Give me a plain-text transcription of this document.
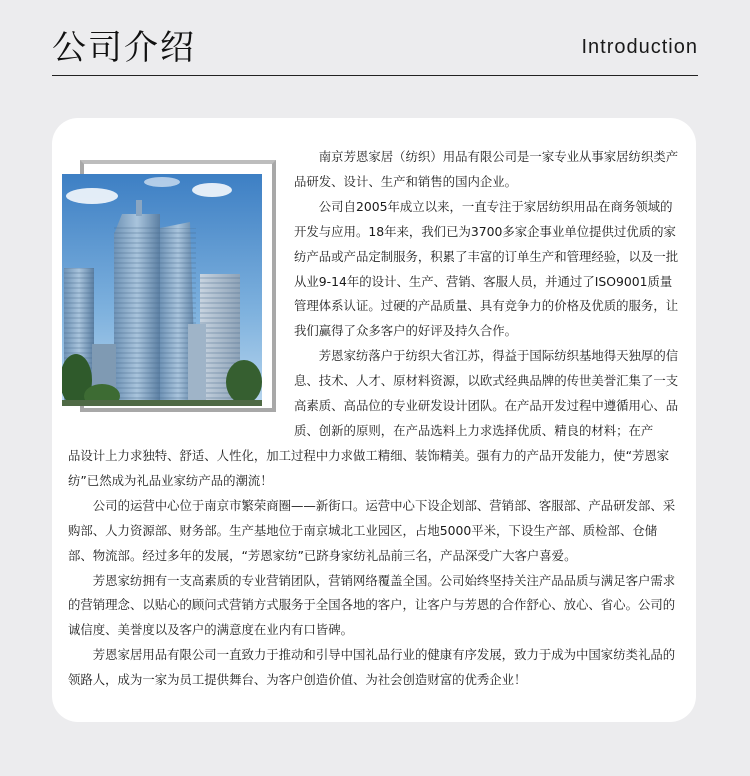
公司介绍	Introduction

南京芳恩家居（纺织）用品有限公司是一家专业从事家居纺织类产品研发、设计、生产和销售的国内企业。

公司自2005年成立以来，一直专注于家居纺织用品在商务领域的开发与应用。18年来，我们已为3700多家企事业单位提供过优质的家纺产品或产品定制服务，积累了丰富的订单生产和管理经验，以及一批从业9-14年的设计、生产、营销、客服人员，并通过了ISO9001质量管理体系认证。过硬的产品质量、具有竞争力的价格及优质的服务，让我们赢得了众多客户的好评及持久合作。

芳恩家纺落户于纺织大省江苏，得益于国际纺织基地得天独厚的信息、技术、人才、原材料资源，以欧式经典品牌的传世美誉汇集了一支高素质、高品位的专业研发设计团队。在产品开发过程中遵循用心、品质、创新的原则，在产品选料上力求选择优质、精良的材料；在产

品设计上力求独特、舒适、人性化，加工过程中力求做工精细、装饰精美。强有力的产品开发能力，使“芳恩家纺”已然成为礼品业家纺产品的潮流！

公司的运营中心位于南京市繁荣商圈——新街口。运营中心下设企划部、营销部、客服部、产品研发部、采购部、人力资源部、财务部。生产基地位于南京城北工业园区，占地5000平米，下设生产部、质检部、仓储部、物流部。经过多年的发展，“芳恩家纺”已跻身家纺礼品前三名，产品深受广大客户喜爱。

芳恩家纺拥有一支高素质的专业营销团队，营销网络覆盖全国。公司始终坚持关注产品品质与满足客户需求的营销理念、以贴心的顾问式营销方式服务于全国各地的客户，让客户与芳恩的合作舒心、放心、省心。公司的诚信度、美誉度以及客户的满意度在业内有口皆碑。

芳恩家居用品有限公司一直致力于推动和引导中国礼品行业的健康有序发展，致力于成为中国家纺类礼品的领路人，成为一家为员工提供舞台、为客户创造价值、为社会创造财富的优秀企业！
